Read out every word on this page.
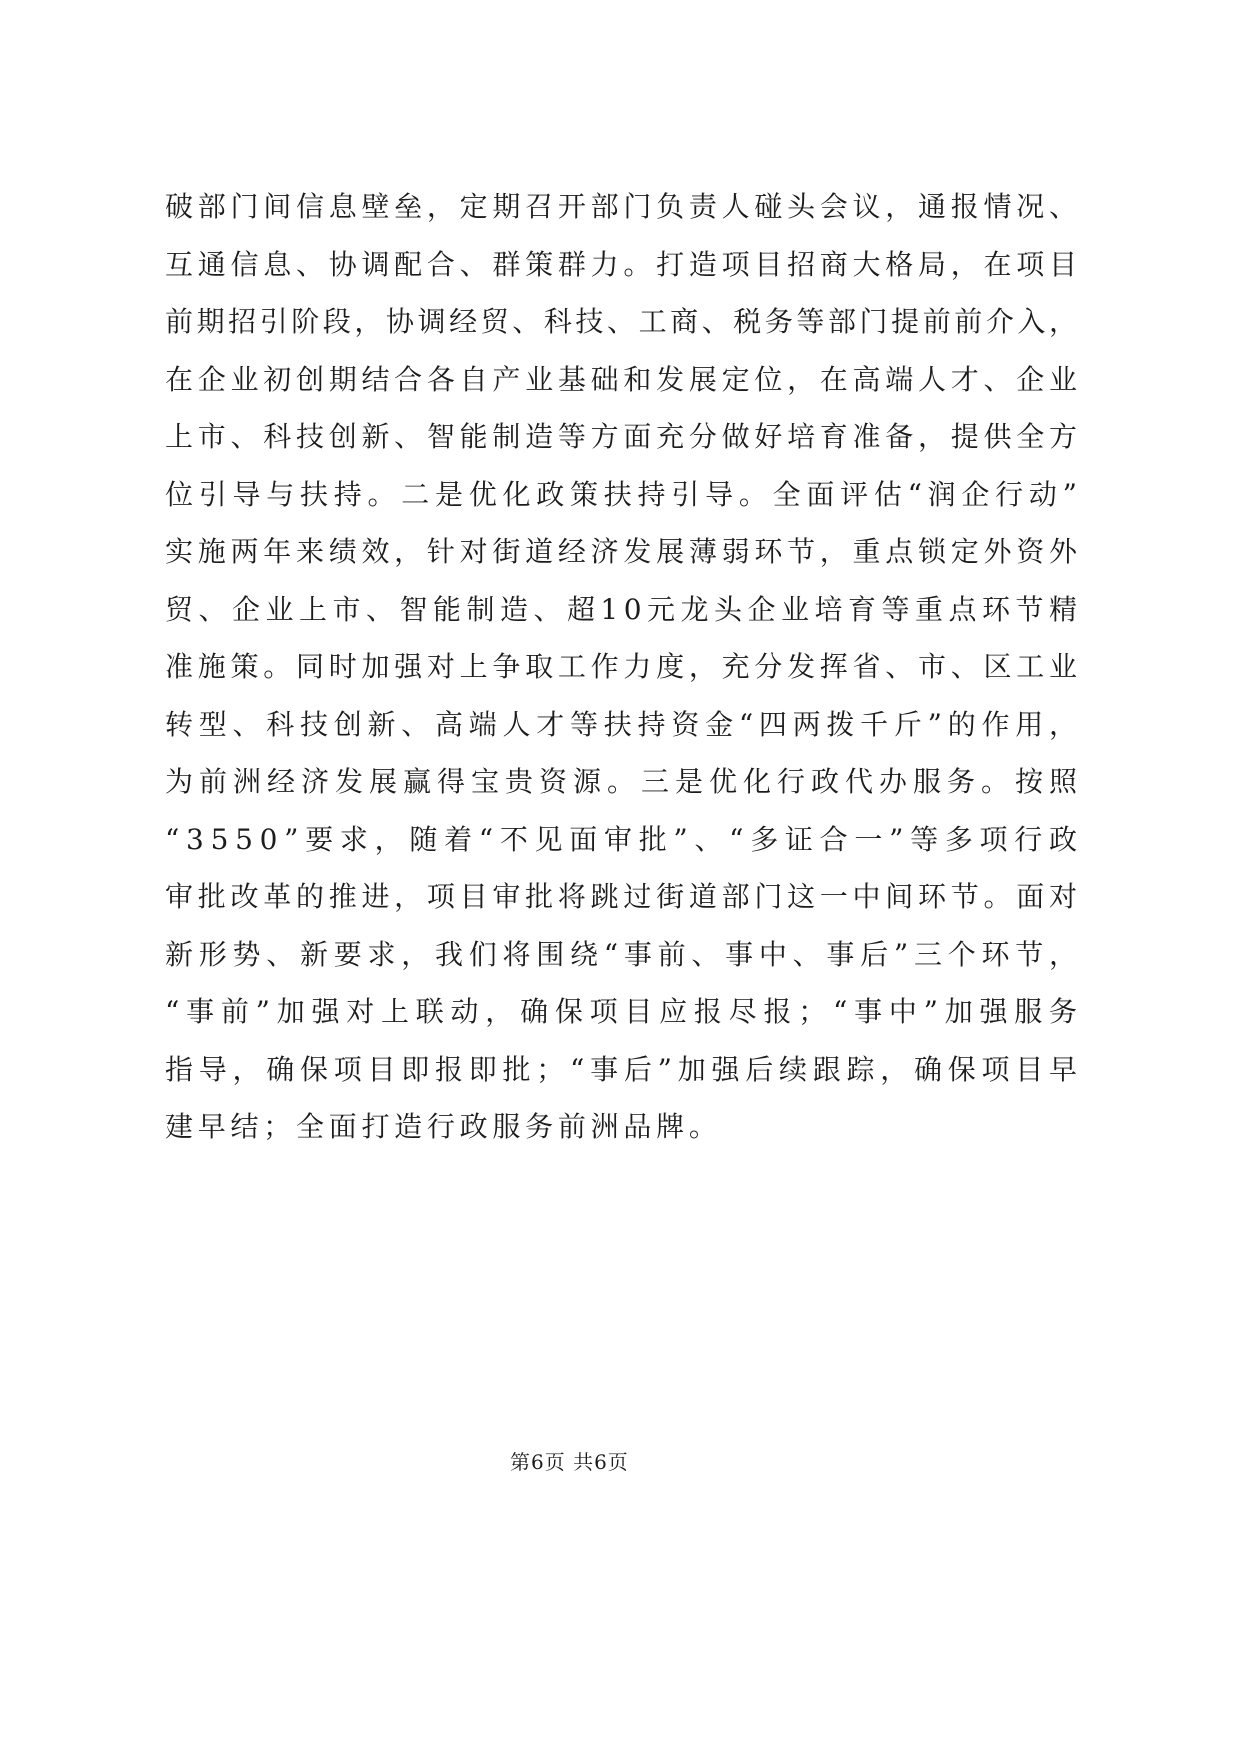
破部门间信息壁垒，定期召开部门负责人碰头会议，通报情况、
互通信息、协调配合、群策群力。打造项目招商大格局，在项目
前期招引阶段，协调经贸、科技、工商、税务等部门提前前介入，
在企业初创期结合各自产业基础和发展定位，在高端人才、企业
上市、科技创新、智能制造等方面充分做好培育准备，提供全方
位引导与扶持。二是优化政策扶持引导。全面评估“润企行动”
实施两年来绩效，针对街道经济发展薄弱环节，重点锁定外资外
贸、企业上市、智能制造、超10元龙头企业培育等重点环节精
准施策。同时加强对上争取工作力度，充分发挥省、市、区工业
转型、科技创新、高端人才等扶持资金“四两拨千斤”的作用，
为前洲经济发展赢得宝贵资源。三是优化行政代办服务。按照
“3550”要求，随着“不见面审批”、“多证合一”等多项行政
审批改革的推进，项目审批将跳过街道部门这一中间环节。面对
新形势、新要求，我们将围绕“事前、事中、事后”三个环节，
“事前”加强对上联动，确保项目应报尽报；“事中”加强服务
指导，确保项目即报即批；“事后”加强后续跟踪，确保项目早
建早结；全面打造行政服务前洲品牌。
第6页 共6页
